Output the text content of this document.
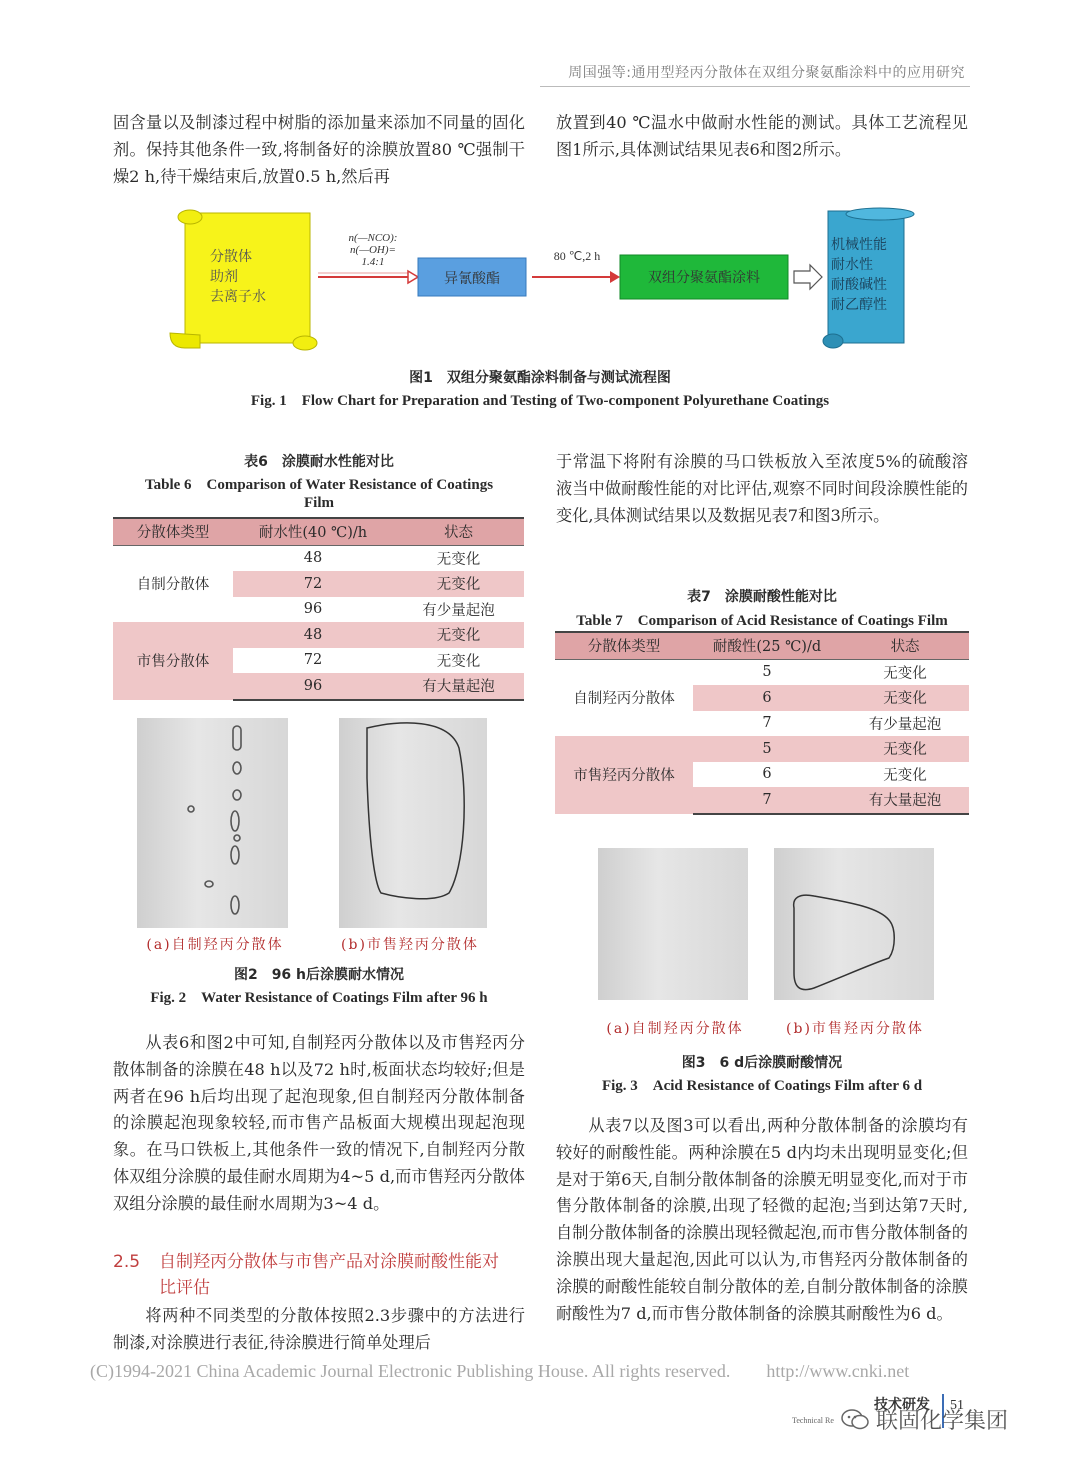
周国强等:通用型羟丙分散体在双组分聚氨酯涂料中的应用研究

固含量以及制漆过程中树脂的添加量来添加不同量的固化剂。保持其他条件一致,将制备好的涂膜放置80 ℃强制干燥2 h,待干燥结束后,放置0.5 h,然后再

放置到40 ℃温水中做耐水性能的测试。具体工艺流程见图1所示,具体测试结果见表6和图2所示。

分散体
助剂
去离子水
n(—NCO):
n(—OH)=
1.4:1
异氰酸酯
80 ℃,2 h
双组分聚氨酯涂料
机械性能
耐水性
耐酸碱性
耐乙醇性
图1　双组分聚氨酯涂料制备与测试流程图
Fig. 1　Flow Chart for Preparation and Testing of Two-component Polyurethane Coatings
表6　涂膜耐水性能对比
Table 6　Comparison of Water Resistance of Coatings
Film
分散体类型	耐水性(40 ℃)/h	状态
自制分散体	48	无变化
	72	无变化
	96	有少量起泡
市售分散体	48	无变化
	72	无变化
	96	有大量起泡
(a)自制羟丙分散体	(b)市售羟丙分散体
图2　96 h后涂膜耐水情况
Fig. 2　Water Resistance of Coatings Film after 96 h

从表6和图2中可知,自制羟丙分散体以及市售羟丙分散体制备的涂膜在48 h以及72 h时,板面状态均较好;但是两者在96 h后均出现了起泡现象,但自制羟丙分散体制备的涂膜起泡现象较轻,而市售产品板面大规模出现起泡现象。在马口铁板上,其他条件一致的情况下,自制羟丙分散体双组分涂膜的最佳耐水周期为4~5 d,而市售羟丙分散体双组分涂膜的最佳耐水周期为3~4 d。

2.5	自制羟丙分散体与市售产品对涂膜耐酸性能对
比评估

将两种不同类型的分散体按照2.3步骤中的方法进行制漆,对涂膜进行表征,待涂膜进行简单处理后

于常温下将附有涂膜的马口铁板放入至浓度5%的硫酸溶液当中做耐酸性能的对比评估,观察不同时间段涂膜性能的变化,具体测试结果以及数据见表7和图3所示。

表7　涂膜耐酸性能对比
Table 7　Comparison of Acid Resistance of Coatings Film
分散体类型	耐酸性(25 ℃)/d	状态
自制羟丙分散体	5	无变化
	6	无变化
	7	有少量起泡
市售羟丙分散体	5	无变化
	6	无变化
	7	有大量起泡
(a)自制羟丙分散体	(b)市售羟丙分散体
图3　6 d后涂膜耐酸情况
Fig. 3　Acid Resistance of Coatings Film after 6 d

从表7以及图3可以看出,两种分散体制备的涂膜均有较好的耐酸性能。两种涂膜在5 d内均未出现明显变化;但是对于第6天,自制分散体制备的涂膜无明显变化,而对于市售分散体制备的涂膜,出现了轻微的起泡;当到达第7天时,自制分散体制备的涂膜出现轻微起泡,而市售分散体制备的涂膜出现大量起泡,因此可以认为,市售羟丙分散体制备的涂膜的耐酸性能较自制分散体的差,自制分散体制备的涂膜耐酸性为7 d,而市售分散体制备的涂膜其耐酸性为6 d。

(C)1994-2021 China Academic Journal Electronic Publishing House. All rights reserved.　　http://www.cnki.net
技术研发
Technical Re
51
联固化学集团
